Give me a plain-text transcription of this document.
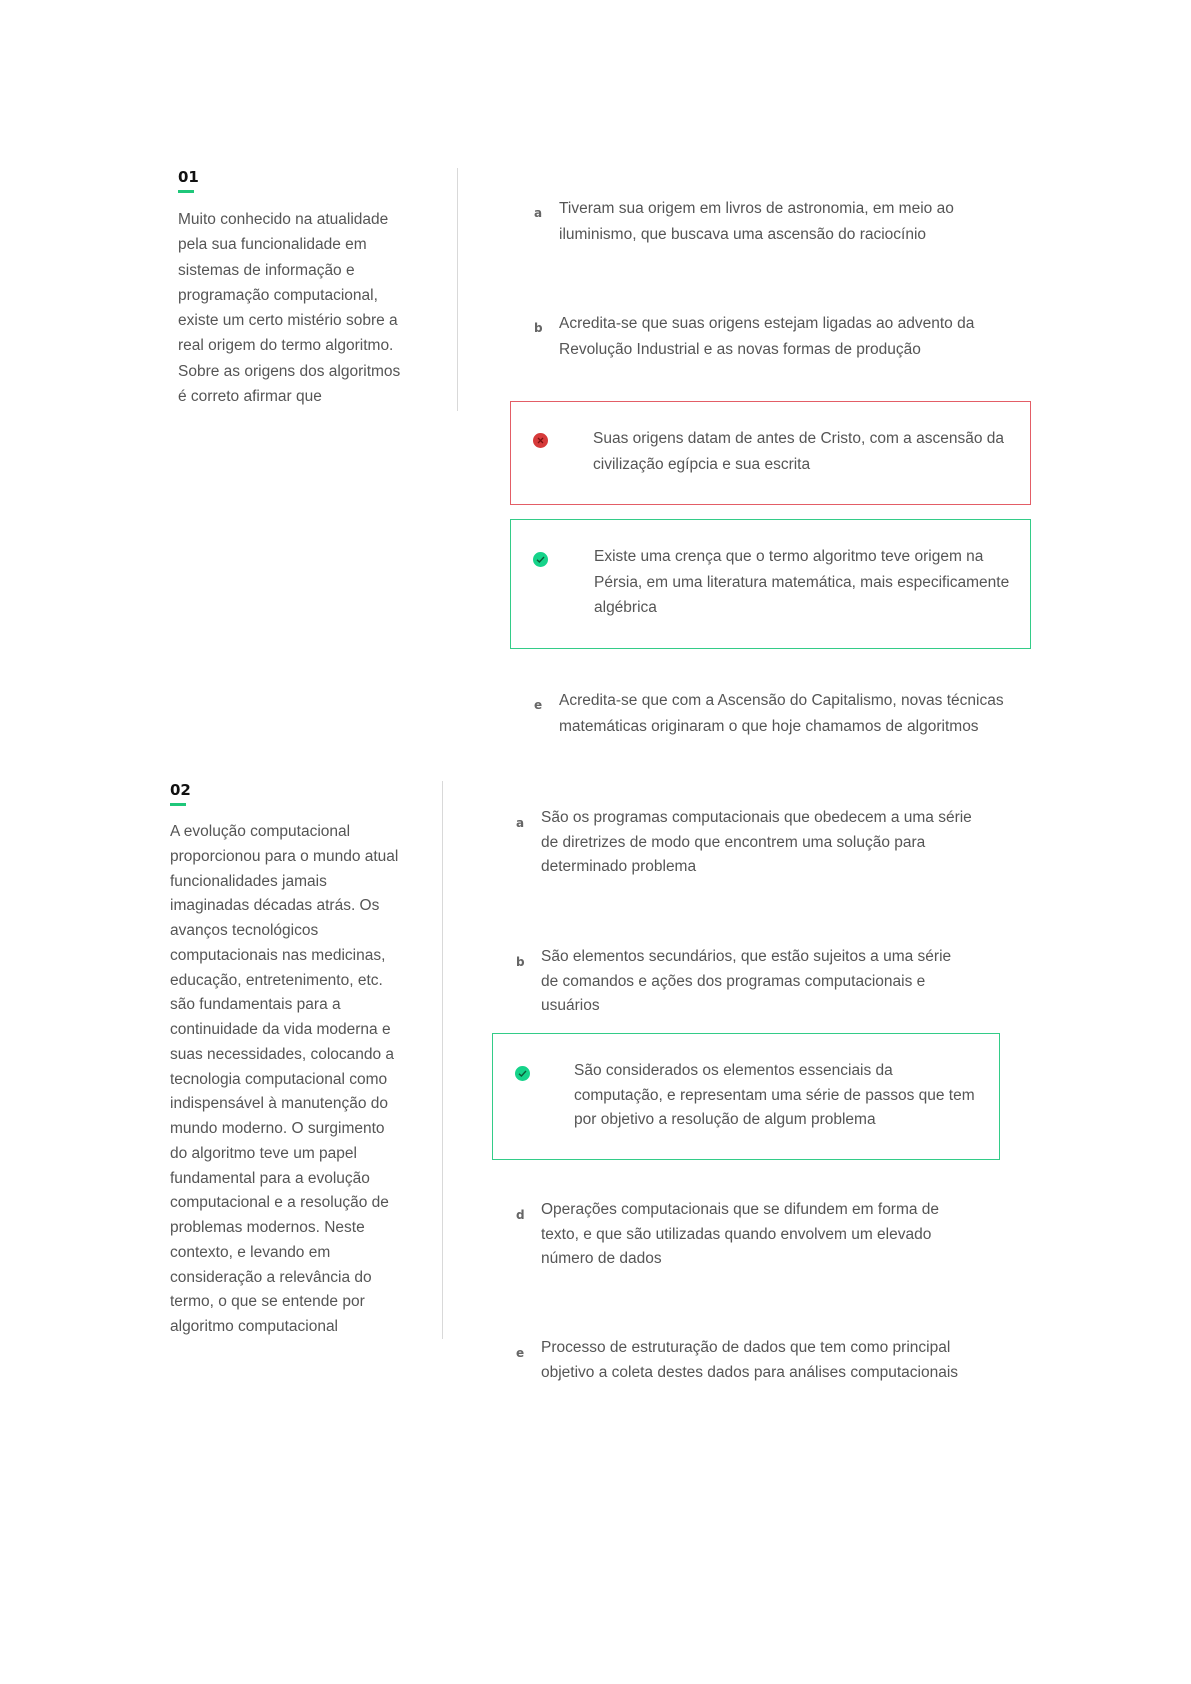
01
Muito conhecido na atualidade pela sua funcionalidade em sistemas de informação e programação computacional, existe um certo mistério sobre a real origem do termo algoritmo. Sobre as origens dos algoritmos é correto afirmar que
a Tiveram sua origem em livros de astronomia, em meio ao iluminismo, que buscava uma ascensão do raciocínio
b Acredita-se que suas origens estejam ligadas ao advento da Revolução Industrial e as novas formas de produção
Suas origens datam de antes de Cristo, com a ascensão da civilização egípcia e sua escrita
Existe uma crença que o termo algoritmo teve origem na Pérsia, em uma literatura matemática, mais especificamente algébrica
e Acredita-se que com a Ascensão do Capitalismo, novas técnicas matemáticas originaram o que hoje chamamos de algoritmos
02
A evolução computacional proporcionou para o mundo atual funcionalidades jamais imaginadas décadas atrás. Os avanços tecnológicos computacionais nas medicinas, educação, entretenimento, etc. são fundamentais para a continuidade da vida moderna e suas necessidades, colocando a tecnologia computacional como indispensável à manutenção do mundo moderno. O surgimento do algoritmo teve um papel fundamental para a evolução computacional e a resolução de problemas modernos. Neste contexto, e levando em consideração a relevância do termo, o que se entende por algoritmo computacional
a São os programas computacionais que obedecem a uma série de diretrizes de modo que encontrem uma solução para determinado problema
b São elementos secundários, que estão sujeitos a uma série de comandos e ações dos programas computacionais e usuários
São considerados os elementos essenciais da computação, e representam uma série de passos que tem por objetivo a resolução de algum problema
d Operações computacionais que se difundem em forma de texto, e que são utilizadas quando envolvem um elevado número de dados
e Processo de estruturação de dados que tem como principal objetivo a coleta destes dados para análises computacionais
